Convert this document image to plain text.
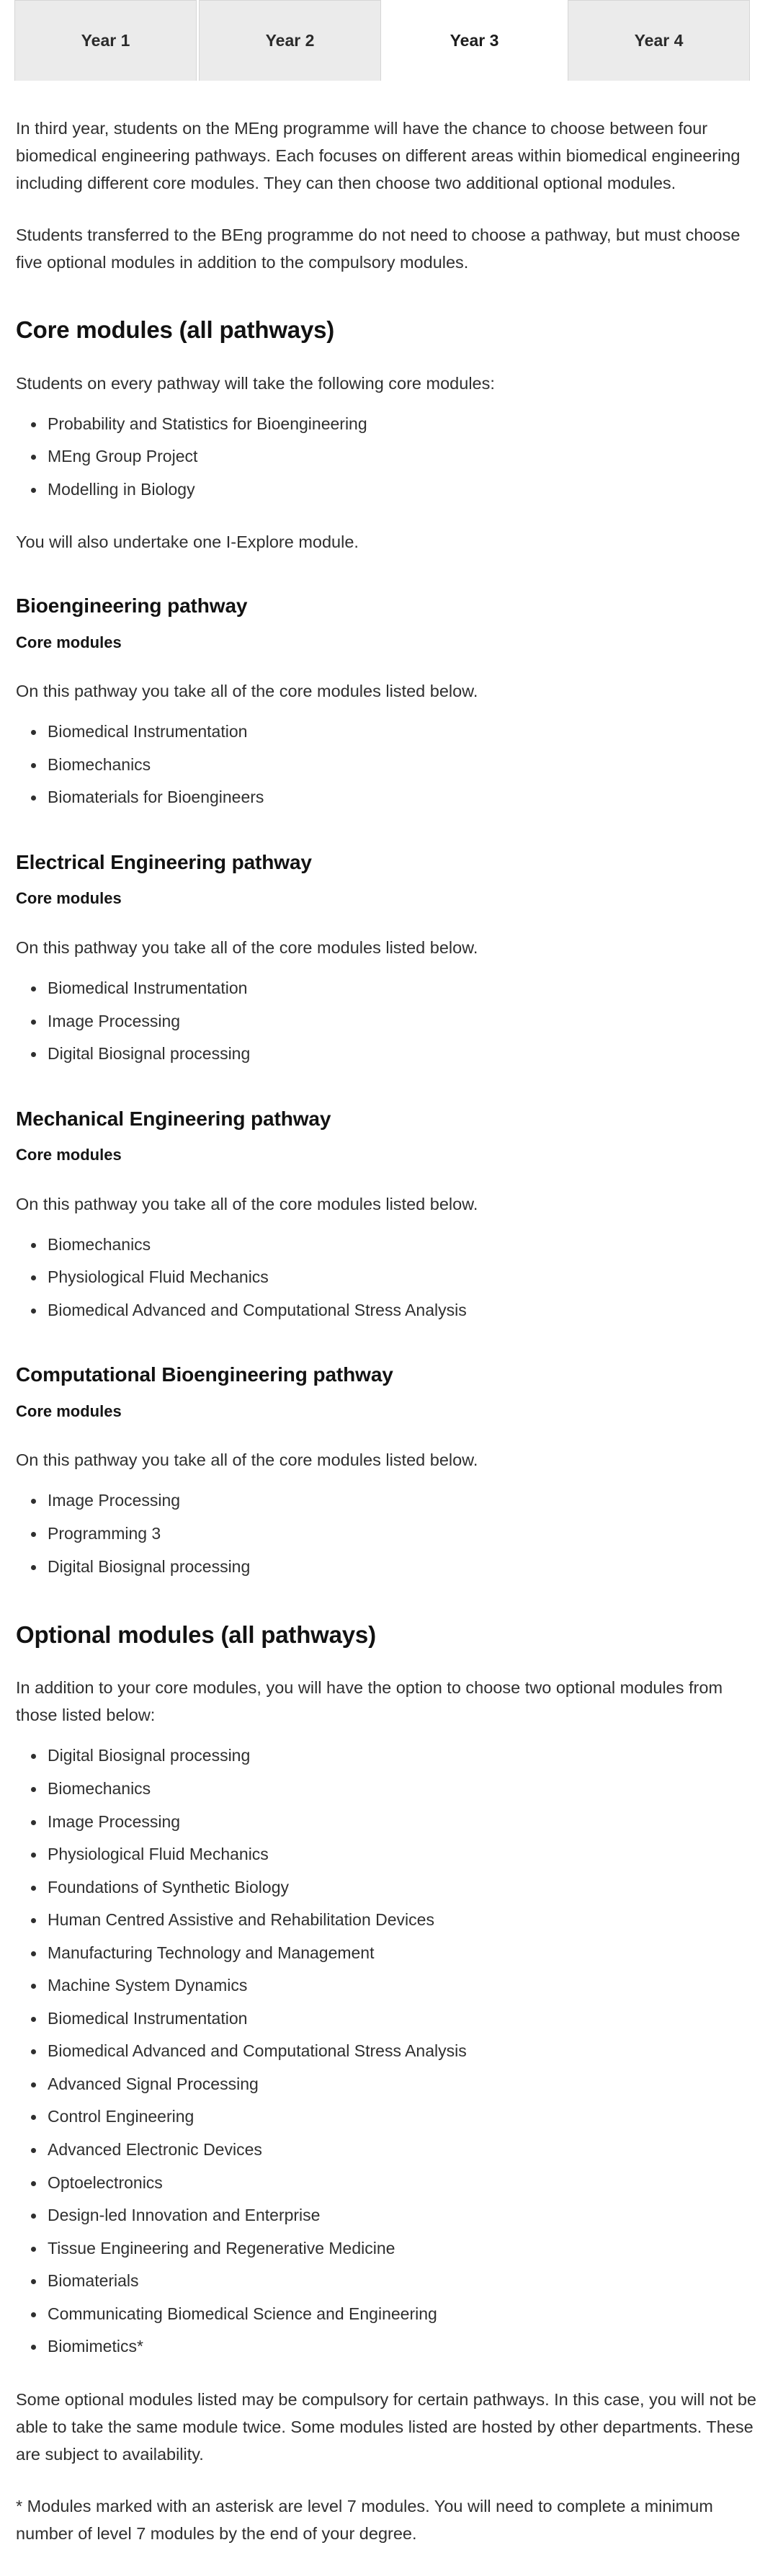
Year 1	Year 2	Year 3	Year 4

In third year, students on the MEng programme will have the chance to choose between four biomedical engineering pathways. Each focuses on different areas within biomedical engineering including different core modules. They can then choose two additional optional modules.

Students transferred to the BEng programme do not need to choose a pathway, but must choose five optional modules in addition to the compulsory modules.

Core modules (all pathways)

Students on every pathway will take the following core modules:

Probability and Statistics for Bioengineering
MEng Group Project
Modelling in Biology

You will also undertake one I-Explore module.

Bioengineering pathway
Core modules

On this pathway you take all of the core modules listed below.

Biomedical Instrumentation
Biomechanics
Biomaterials for Bioengineers
Electrical Engineering pathway
Core modules

On this pathway you take all of the core modules listed below.

Biomedical Instrumentation
Image Processing
Digital Biosignal processing
Mechanical Engineering pathway
Core modules

On this pathway you take all of the core modules listed below.

Biomechanics
Physiological Fluid Mechanics
Biomedical Advanced and Computational Stress Analysis
Computational Bioengineering pathway
Core modules

On this pathway you take all of the core modules listed below.

Image Processing
Programming 3
Digital Biosignal processing
Optional modules (all pathways)

In addition to your core modules, you will have the option to choose two optional modules from those listed below:

Digital Biosignal processing
Biomechanics
Image Processing
Physiological Fluid Mechanics
Foundations of Synthetic Biology
Human Centred Assistive and Rehabilitation Devices
Manufacturing Technology and Management
Machine System Dynamics
Biomedical Instrumentation
Biomedical Advanced and Computational Stress Analysis
Advanced Signal Processing
Control Engineering
Advanced Electronic Devices
Optoelectronics
Design-led Innovation and Enterprise
Tissue Engineering and Regenerative Medicine
Biomaterials
Communicating Biomedical Science and Engineering
Biomimetics*

Some optional modules listed may be compulsory for certain pathways. In this case, you will not be able to take the same module twice. Some modules listed are hosted by other departments. These are subject to availability.

* Modules marked with an asterisk are level 7 modules. You will need to complete a minimum number of level 7 modules by the end of your degree.
